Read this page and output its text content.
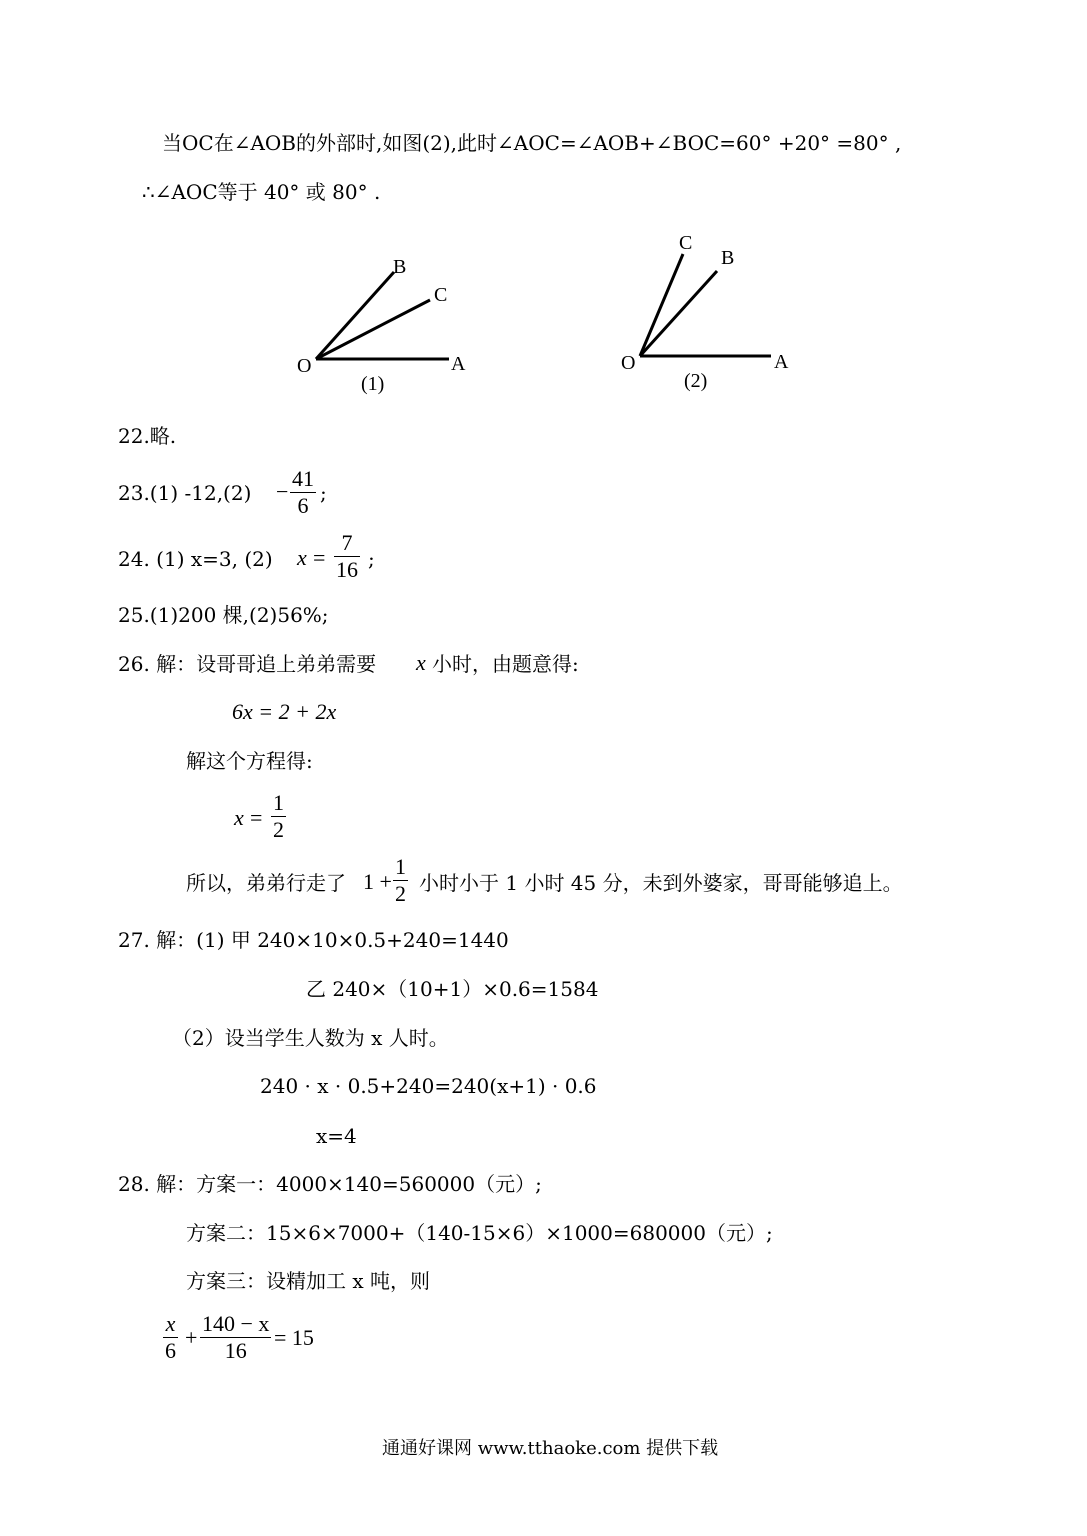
当OC在∠AOB的外部时,如图(2),此时∠AOC=∠AOB+∠BOC=60° +20° =80° ,
∴∠AOC等于 40° 或 80° .
O	A
B
C
(1)
O	A
B
C
(2)
22.略.
23.(1) -12,(2) −
41
6 ;
24. (1) x=3, (2) x =
7
16 ;
25.(1)200 棵,(2)56%;
26. 解：设哥哥追上弟弟需要 x 小时，由题意得:
6x = 2 + 2x
解这个方程得:
x =
1
2
所以，弟弟行走了 1 +
1
2 小时小于 1 小时 45 分，未到外婆家，哥哥能够追上。
27. 解：(1) 甲 240×10×0.5+240=1440
乙 240×（10+1）×0.6=1584
（2）设当学生人数为 x 人时。
240 · x · 0.5+240=240(x+1) · 0.6
x=4
28. 解：方案一：4000×140=560000（元）;
方案二：15×6×7000+（140-15×6）×1000=680000（元）;
方案三：设精加工 x 吨，则
x
6
+
140 − x
16
= 15
通通好课网 www.tthaoke.com 提供下载
